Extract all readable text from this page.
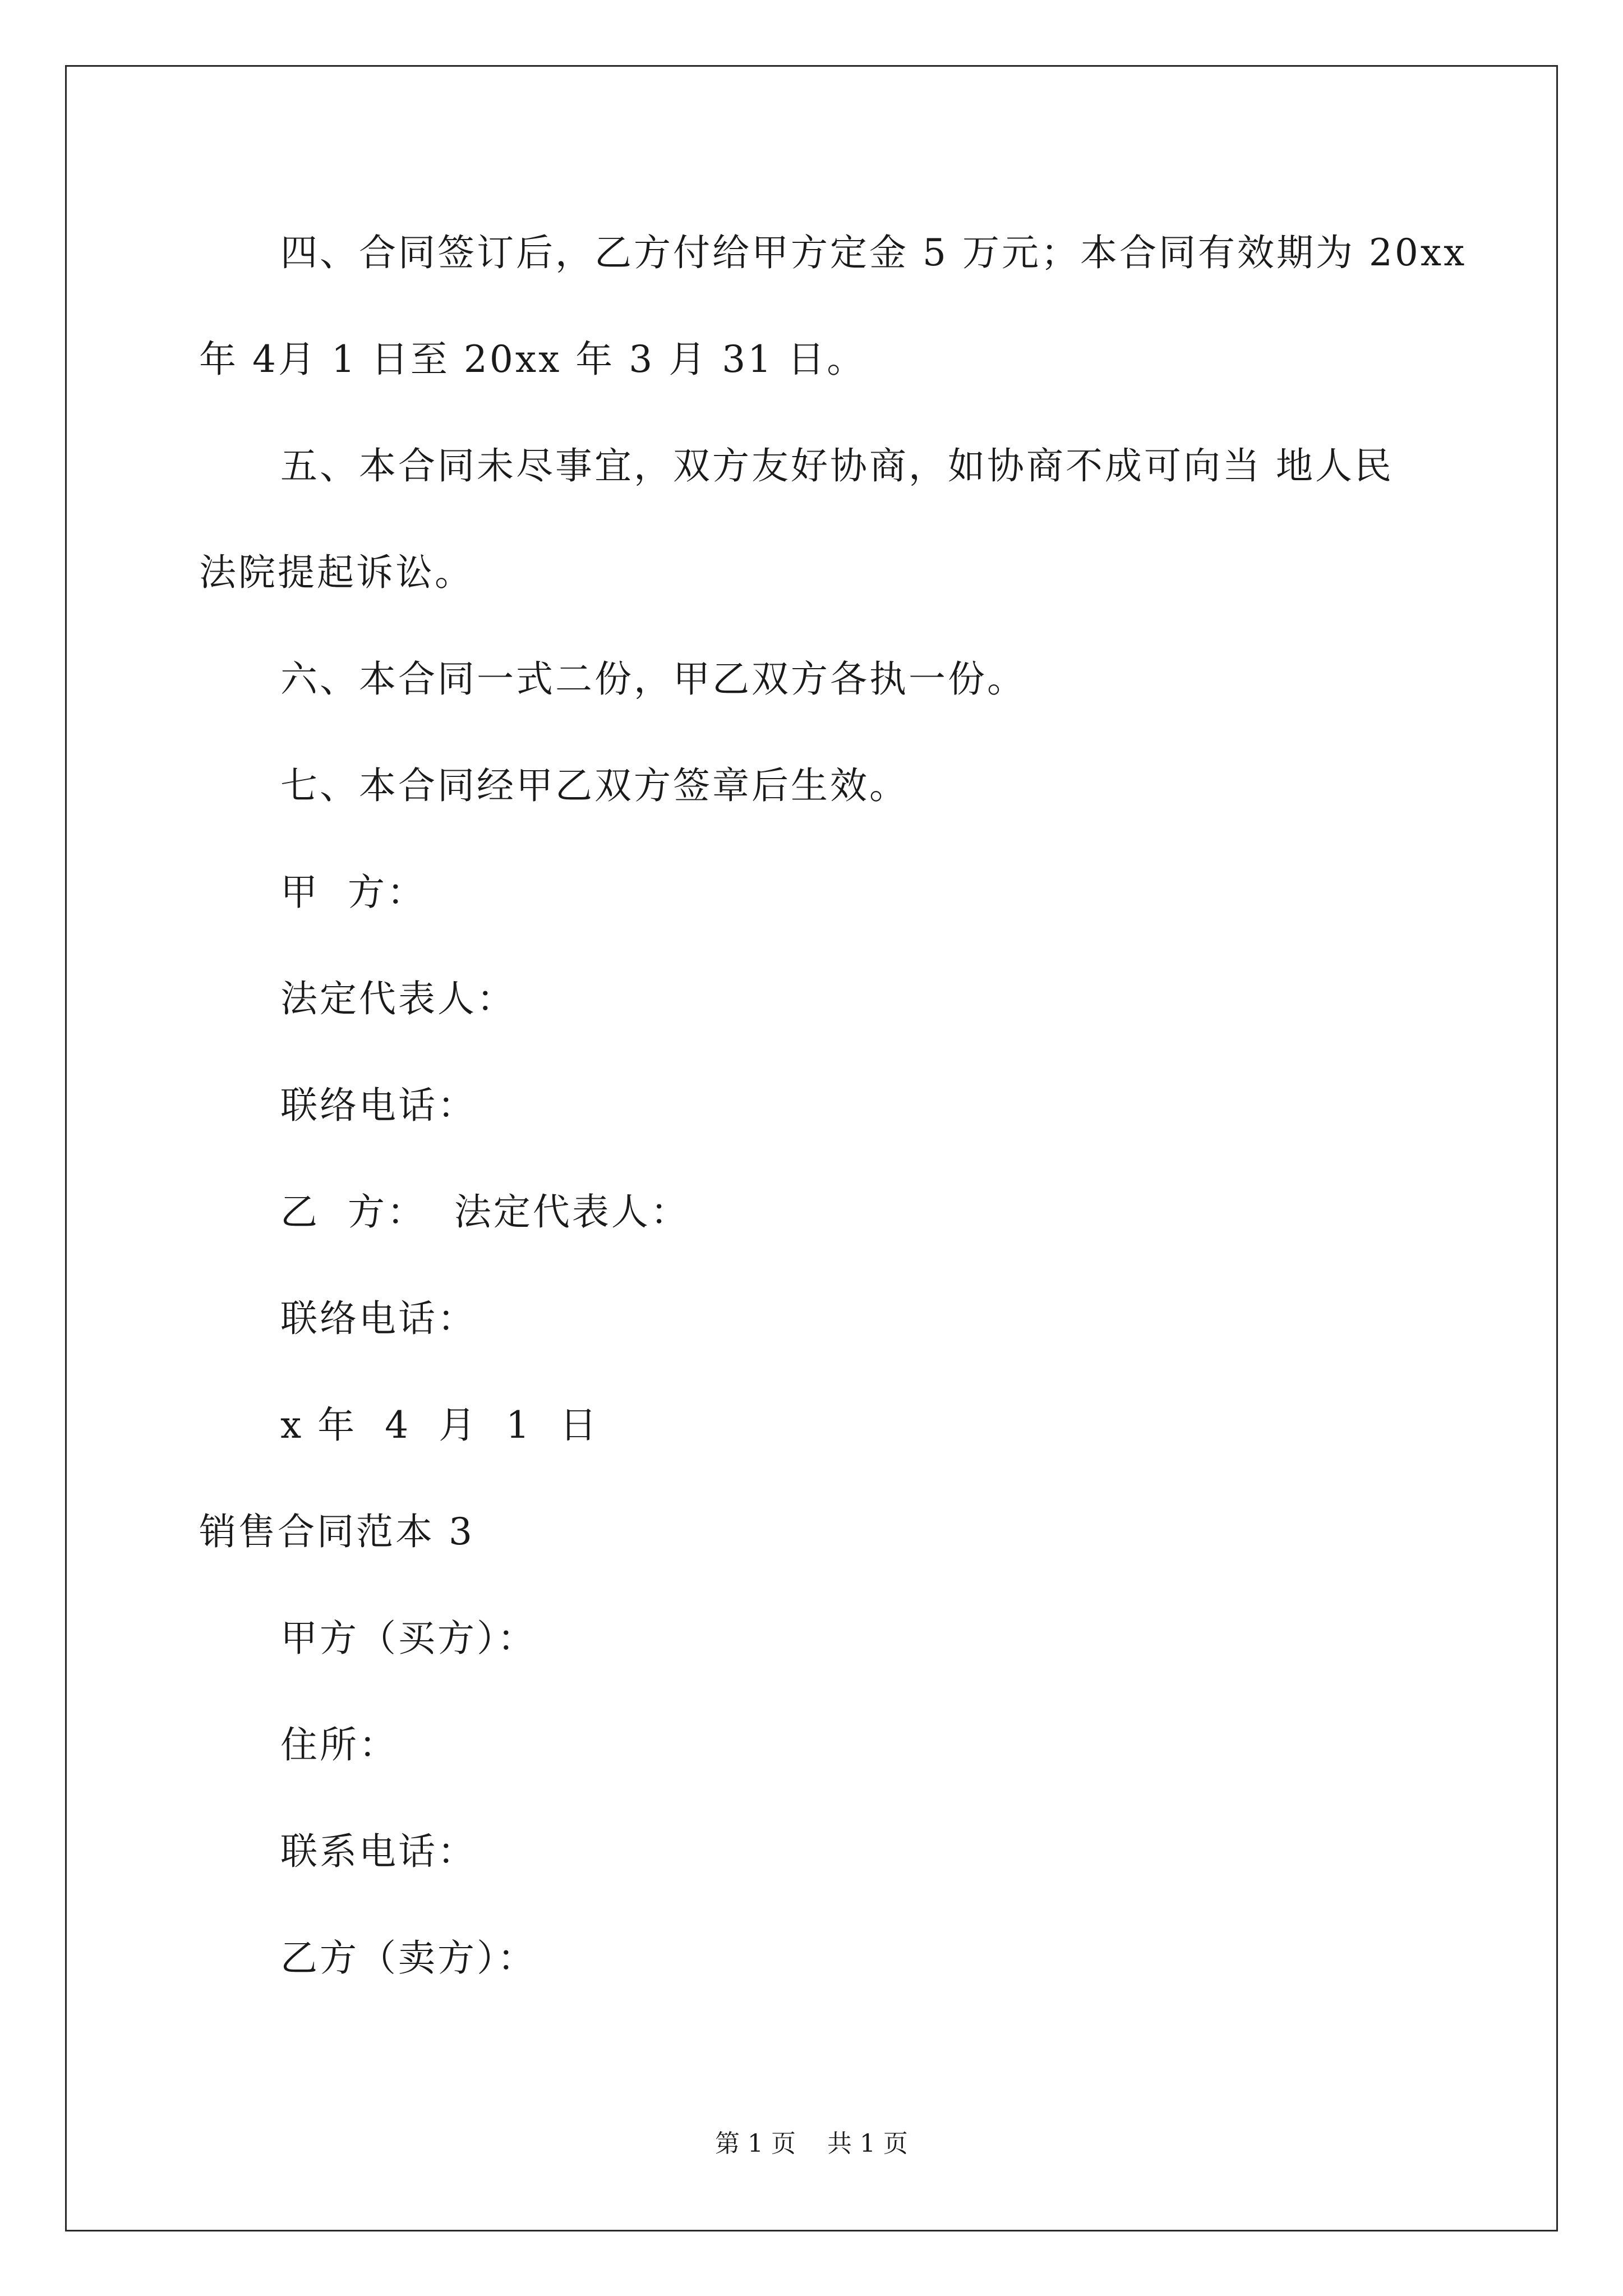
四、合同签订后，乙方付给甲方定金 5 万元；本合同有效期为 20xx
年 4月 1 日至 20xx 年 3 月 31 日。
五、本合同未尽事宜，双方友好协商，如协商不成可向当 地人民
法院提起诉讼。
六、本合同一式二份，甲乙双方各执一份。
七、本合同经甲乙双方签章后生效。
甲  方：
法定代表人：
联络电话：
乙  方：  法定代表人：
联络电话：
x 年  4  月  1  日
销售合同范本 3
甲方（买方）：
住所：
联系电话：
乙方（卖方）：
第 1 页    共 1 页
